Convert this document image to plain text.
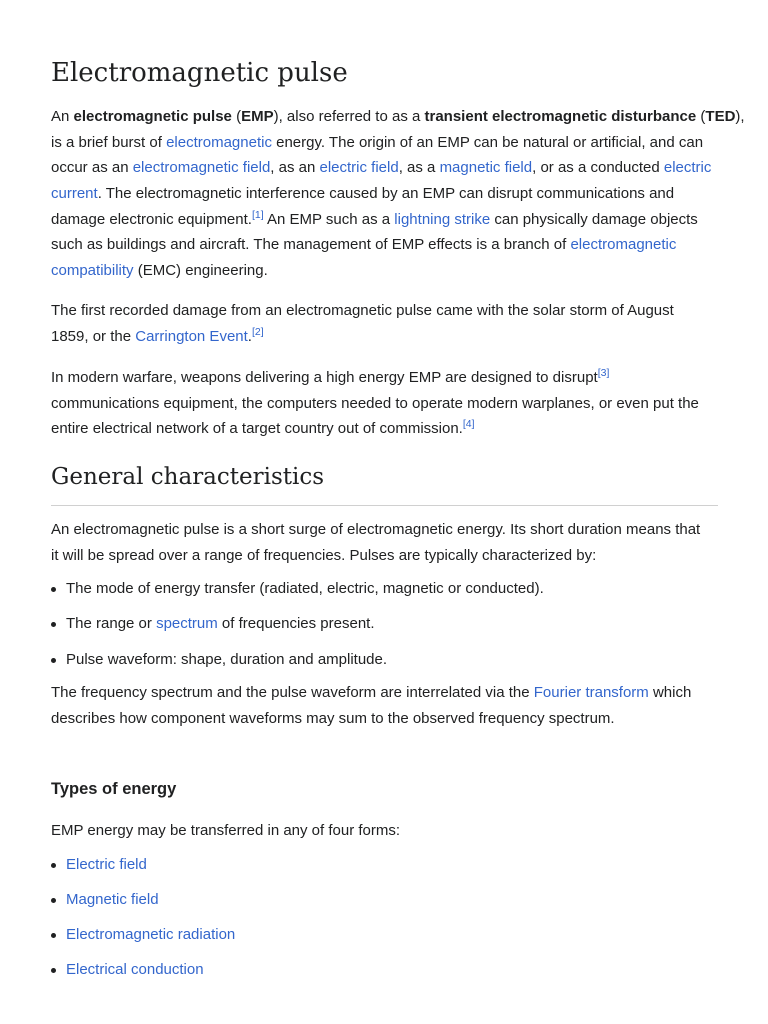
Electromagnetic pulse
An electromagnetic pulse (EMP), also referred to as a transient electromagnetic disturbance (TED),
is a brief burst of electromagnetic energy. The origin of an EMP can be natural or artificial, and can
occur as an electromagnetic field, as an electric field, as a magnetic field, or as a conducted electric
current. The electromagnetic interference caused by an EMP can disrupt communications and
damage electronic equipment.[1] An EMP such as a lightning strike can physically damage objects
such as buildings and aircraft. The management of EMP effects is a branch of electromagnetic
compatibility (EMC) engineering.
The first recorded damage from an electromagnetic pulse came with the solar storm of August
1859, or the Carrington Event.[2]
In modern warfare, weapons delivering a high energy EMP are designed to disrupt[3]
communications equipment, the computers needed to operate modern warplanes, or even put the
entire electrical network of a target country out of commission.[4]
General characteristics
An electromagnetic pulse is a short surge of electromagnetic energy. Its short duration means that
it will be spread over a range of frequencies. Pulses are typically characterized by:
The mode of energy transfer (radiated, electric, magnetic or conducted).
The range or spectrum of frequencies present.
Pulse waveform: shape, duration and amplitude.
The frequency spectrum and the pulse waveform are interrelated via the Fourier transform which
describes how component waveforms may sum to the observed frequency spectrum.
Types of energy
EMP energy may be transferred in any of four forms:
Electric field
Magnetic field
Electromagnetic radiation
Electrical conduction
